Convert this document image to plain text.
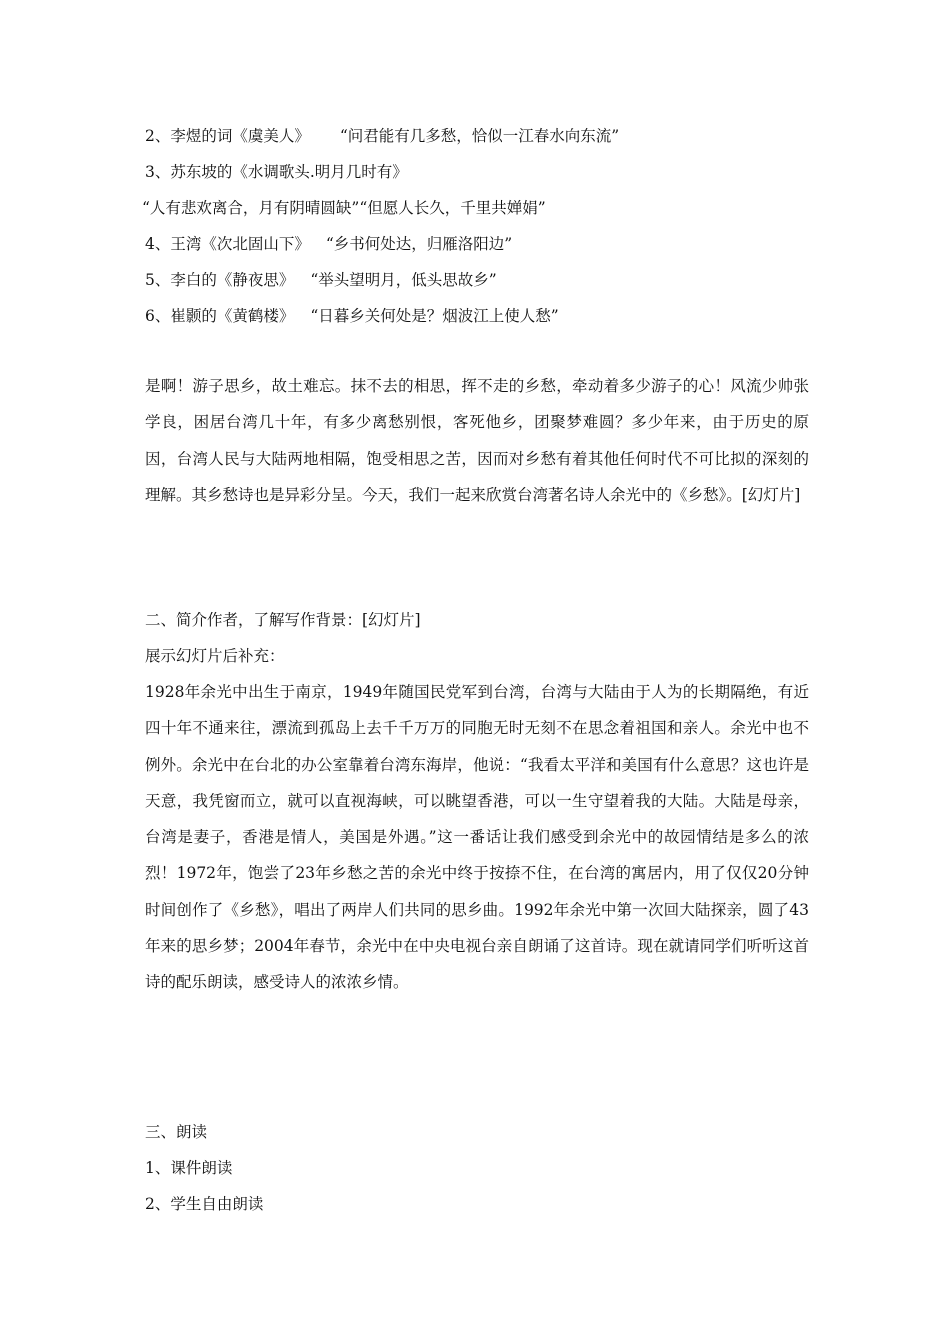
2、李煜的词《虞美人》 “问君能有几多愁，恰似一江春水向东流”
3、苏东坡的《水调歌头.明月几时有》
“人有悲欢离合，月有阴晴圆缺”“但愿人长久，千里共婵娟”
4、王湾《次北固山下》 “乡书何处达，归雁洛阳边”
5、李白的《静夜思》 “举头望明月，低头思故乡”
6、崔颢的《黄鹤楼》 “日暮乡关何处是？烟波江上使人愁”
是啊！游子思乡，故土难忘。抹不去的相思，挥不走的乡愁，牵动着多少游子的心！风流少帅张学良，困居台湾几十年，有多少离愁别恨，客死他乡，团聚梦难圆？多少年来，由于历史的原因，台湾人民与大陆两地相隔，饱受相思之苦，因而对乡愁有着其他任何时代不可比拟的深刻的理解。其乡愁诗也是异彩分呈。今天，我们一起来欣赏台湾著名诗人余光中的《乡愁》。[幻灯片]
二、简介作者，了解写作背景：[幻灯片]
展示幻灯片后补充：
1928年余光中出生于南京，1949年随国民党军到台湾，台湾与大陆由于人为的长期隔绝，有近四十年不通来往，漂流到孤岛上去千千万万的同胞无时无刻不在思念着祖国和亲人。余光中也不例外。余光中在台北的办公室靠着台湾东海岸，他说：“我看太平洋和美国有什么意思？这也许是天意，我凭窗而立，就可以直视海峡，可以眺望香港，可以一生守望着我的大陆。大陆是母亲，台湾是妻子，香港是情人，美国是外遇。”这一番话让我们感受到余光中的故园情结是多么的浓烈！1972年，饱尝了23年乡愁之苦的余光中终于按捺不住，在台湾的寓居内，用了仅仅20分钟时间创作了《乡愁》，唱出了两岸人们共同的思乡曲。1992年余光中第一次回大陆探亲，圆了43年来的思乡梦；2004年春节，余光中在中央电视台亲自朗诵了这首诗。现在就请同学们听听这首诗的配乐朗读，感受诗人的浓浓乡情。
三、朗读
1、课件朗读
2、学生自由朗读
